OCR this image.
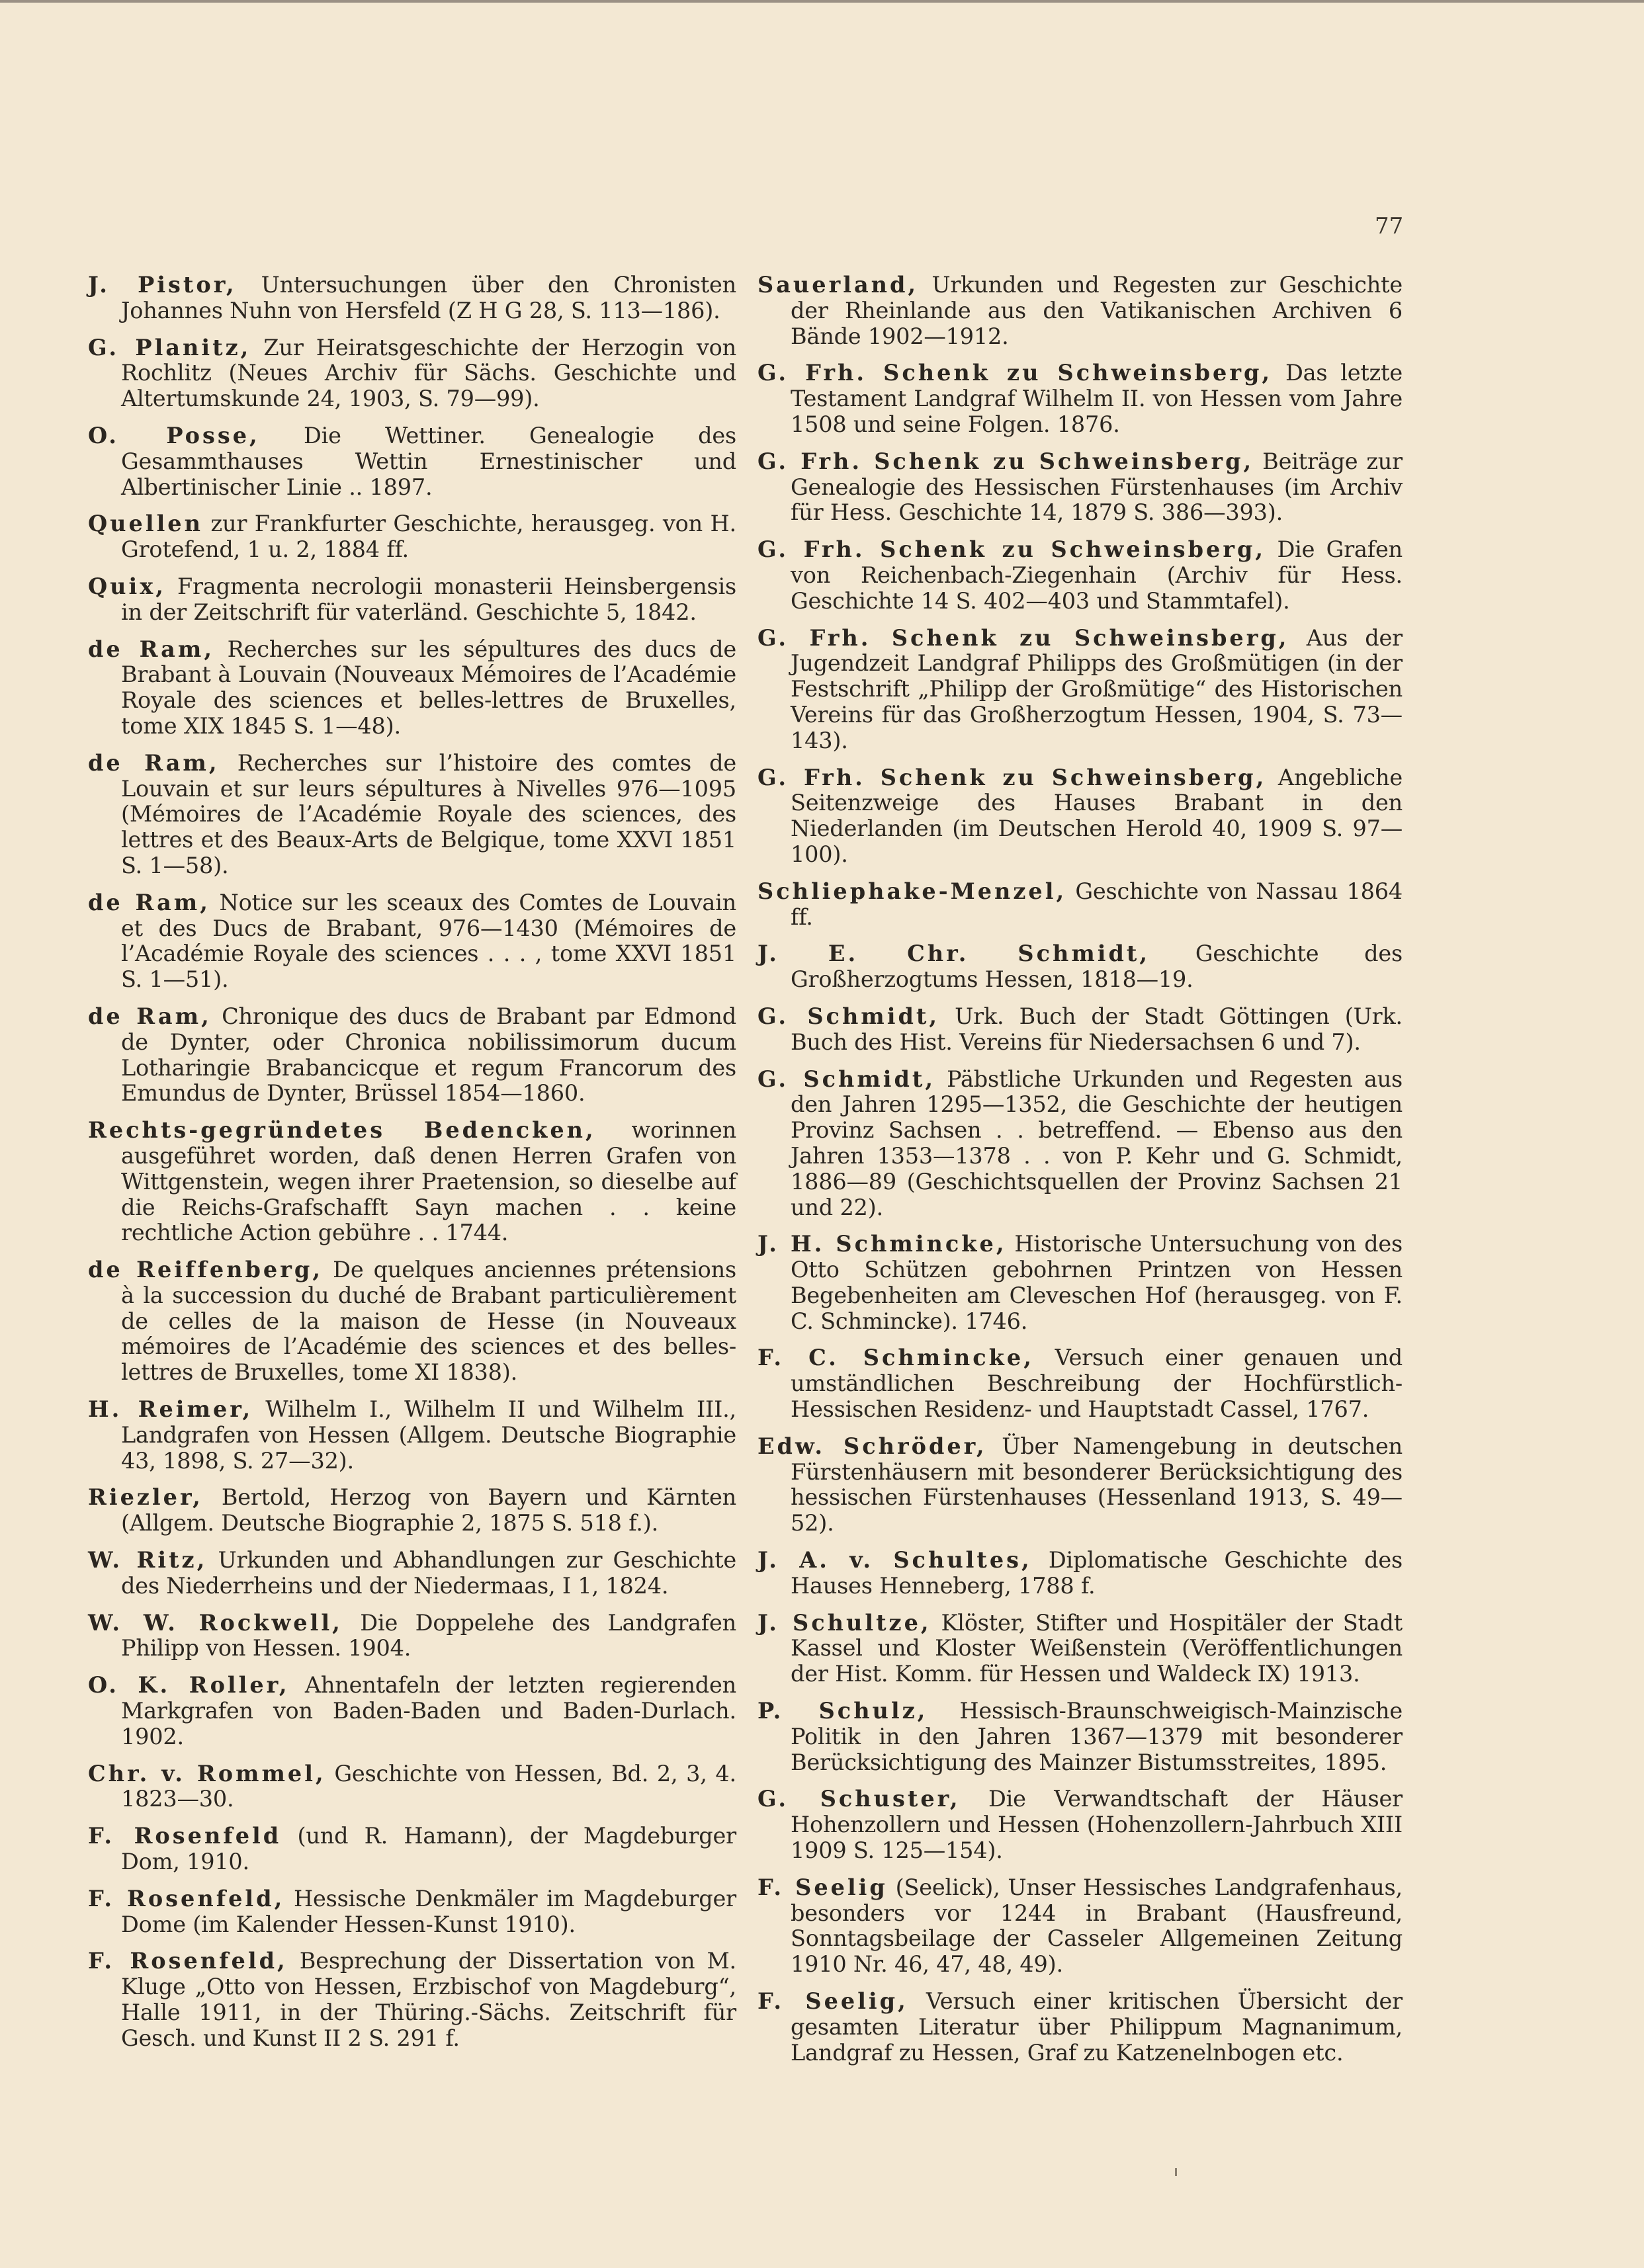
77

J. Pistor, Untersuchungen über den Chronisten Johannes Nuhn von Hersfeld (Z H G 28, S. 113—186).

G. Planitz, Zur Heiratsgeschichte der Herzogin von Rochlitz (Neues Archiv für Sächs. Geschichte und Altertumskunde 24, 1903, S. 79—99).

O. Posse, Die Wettiner. Genealogie des Gesammthauses Wettin Ernestinischer und Albertinischer Linie .. 1897.

Quellen zur Frankfurter Geschichte, herausgeg. von H. Grotefend, 1 u. 2, 1884 ff.

Quix, Fragmenta necrologii monasterii Heinsbergensis in der Zeitschrift für vaterländ. Geschichte 5, 1842.

de Ram, Recherches sur les sépultures des ducs de Brabant à Louvain (Nouveaux Mémoires de l’Académie Royale des sciences et belles-lettres de Bruxelles, tome XIX 1845 S. 1—48).

de Ram, Recherches sur l’histoire des comtes de Louvain et sur leurs sépultures à Nivelles 976—1095 (Mémoires de l’Académie Royale des sciences, des lettres et des Beaux-Arts de Belgique, tome XXVI 1851 S. 1—58).

de Ram, Notice sur les sceaux des Comtes de Louvain et des Ducs de Brabant, 976—1430 (Mémoires de l’Académie Royale des sciences . . . , tome XXVI 1851 S. 1—51).

de Ram, Chronique des ducs de Brabant par Edmond de Dynter, oder Chronica nobilissimorum ducum Lotharingie Brabancicque et regum Francorum des Emundus de Dynter, Brüssel 1854—1860.

Rechts-gegründetes Bedencken, worinnen ausgeführet worden, daß denen Herren Grafen von Wittgenstein, wegen ihrer Praetension, so dieselbe auf die Reichs-Grafschafft Sayn machen . . keine rechtliche Action gebühre . . 1744.

de Reiffenberg, De quelques anciennes prétensions à la succession du duché de Brabant particulièrement de celles de la maison de Hesse (in Nouveaux mémoires de l’Académie des sciences et des belles-lettres de Bruxelles, tome XI 1838).

H. Reimer, Wilhelm I., Wilhelm II und Wilhelm III., Landgrafen von Hessen (Allgem. Deutsche Biographie 43, 1898, S. 27—32).

Riezler, Bertold, Herzog von Bayern und Kärnten (Allgem. Deutsche Biographie 2, 1875 S. 518 f.).

W. Ritz, Urkunden und Abhandlungen zur Geschichte des Niederrheins und der Niedermaas, I 1, 1824.

W. W. Rockwell, Die Doppelehe des Landgrafen Philipp von Hessen. 1904.

O. K. Roller, Ahnentafeln der letzten regierenden Markgrafen von Baden-Baden und Baden-Durlach. 1902.

Chr. v. Rommel, Geschichte von Hessen, Bd. 2, 3, 4. 1823—30.

F. Rosenfeld (und R. Hamann), der Magdeburger Dom, 1910.

F. Rosenfeld, Hessische Denkmäler im Magdeburger Dome (im Kalender Hessen-Kunst 1910).

F. Rosenfeld, Besprechung der Dissertation von M. Kluge „Otto von Hessen, Erzbischof von Magdeburg“, Halle 1911, in der Thüring.-Sächs. Zeitschrift für Gesch. und Kunst II 2 S. 291 f.

Sauerland, Urkunden und Regesten zur Geschichte der Rheinlande aus den Vatikanischen Archiven 6 Bände 1902—1912.

G. Frh. Schenk zu Schweinsberg, Das letzte Testament Landgraf Wilhelm II. von Hessen vom Jahre 1508 und seine Folgen. 1876.

G. Frh. Schenk zu Schweinsberg, Beiträge zur Genealogie des Hessischen Fürstenhauses (im Archiv für Hess. Geschichte 14, 1879 S. 386—393).

G. Frh. Schenk zu Schweinsberg, Die Grafen von Reichenbach-Ziegenhain (Archiv für Hess. Geschichte 14 S. 402—403 und Stammtafel).

G. Frh. Schenk zu Schweinsberg, Aus der Jugendzeit Landgraf Philipps des Großmütigen (in der Festschrift „Philipp der Großmütige“ des Historischen Vereins für das Großherzogtum Hessen, 1904, S. 73—143).

G. Frh. Schenk zu Schweinsberg, Angebliche Seitenzweige des Hauses Brabant in den Niederlanden (im Deutschen Herold 40, 1909 S. 97—100).

Schliephake-Menzel, Geschichte von Nassau 1864 ff.

J. E. Chr. Schmidt, Geschichte des Großherzogtums Hessen, 1818—19.

G. Schmidt, Urk. Buch der Stadt Göttingen (Urk. Buch des Hist. Vereins für Niedersachsen 6 und 7).

G. Schmidt, Päbstliche Urkunden und Regesten aus den Jahren 1295—1352, die Geschichte der heutigen Provinz Sachsen . . betreffend. — Ebenso aus den Jahren 1353—1378 . . von P. Kehr und G. Schmidt, 1886—89 (Geschichtsquellen der Provinz Sachsen 21 und 22).

J. H. Schmincke, Historische Untersuchung von des Otto Schützen gebohrnen Printzen von Hessen Begebenheiten am Cleveschen Hof (herausgeg. von F. C. Schmincke). 1746.

F. C. Schmincke, Versuch einer genauen und umständlichen Beschreibung der Hochfürstlich-Hessischen Residenz- und Hauptstadt Cassel, 1767.

Edw. Schröder, Über Namengebung in deutschen Fürstenhäusern mit besonderer Berücksichtigung des hessischen Fürstenhauses (Hessenland 1913, S. 49—52).

J. A. v. Schultes, Diplomatische Geschichte des Hauses Henneberg, 1788 f.

J. Schultze, Klöster, Stifter und Hospitäler der Stadt Kassel und Kloster Weißenstein (Veröffentlichungen der Hist. Komm. für Hessen und Waldeck IX) 1913.

P. Schulz, Hessisch-Braunschweigisch-Mainzische Politik in den Jahren 1367—1379 mit besonderer Berücksichtigung des Mainzer Bistumsstreites, 1895.

G. Schuster, Die Verwandtschaft der Häuser Hohenzollern und Hessen (Hohenzollern-Jahrbuch XIII 1909 S. 125—154).

F. Seelig (Seelick), Unser Hessisches Landgrafenhaus, besonders vor 1244 in Brabant (Hausfreund, Sonntagsbeilage der Casseler Allgemeinen Zeitung 1910 Nr. 46, 47, 48, 49).

F. Seelig, Versuch einer kritischen Übersicht der gesamten Literatur über Philippum Magnanimum, Landgraf zu Hessen, Graf zu Katzenelnbogen etc.
